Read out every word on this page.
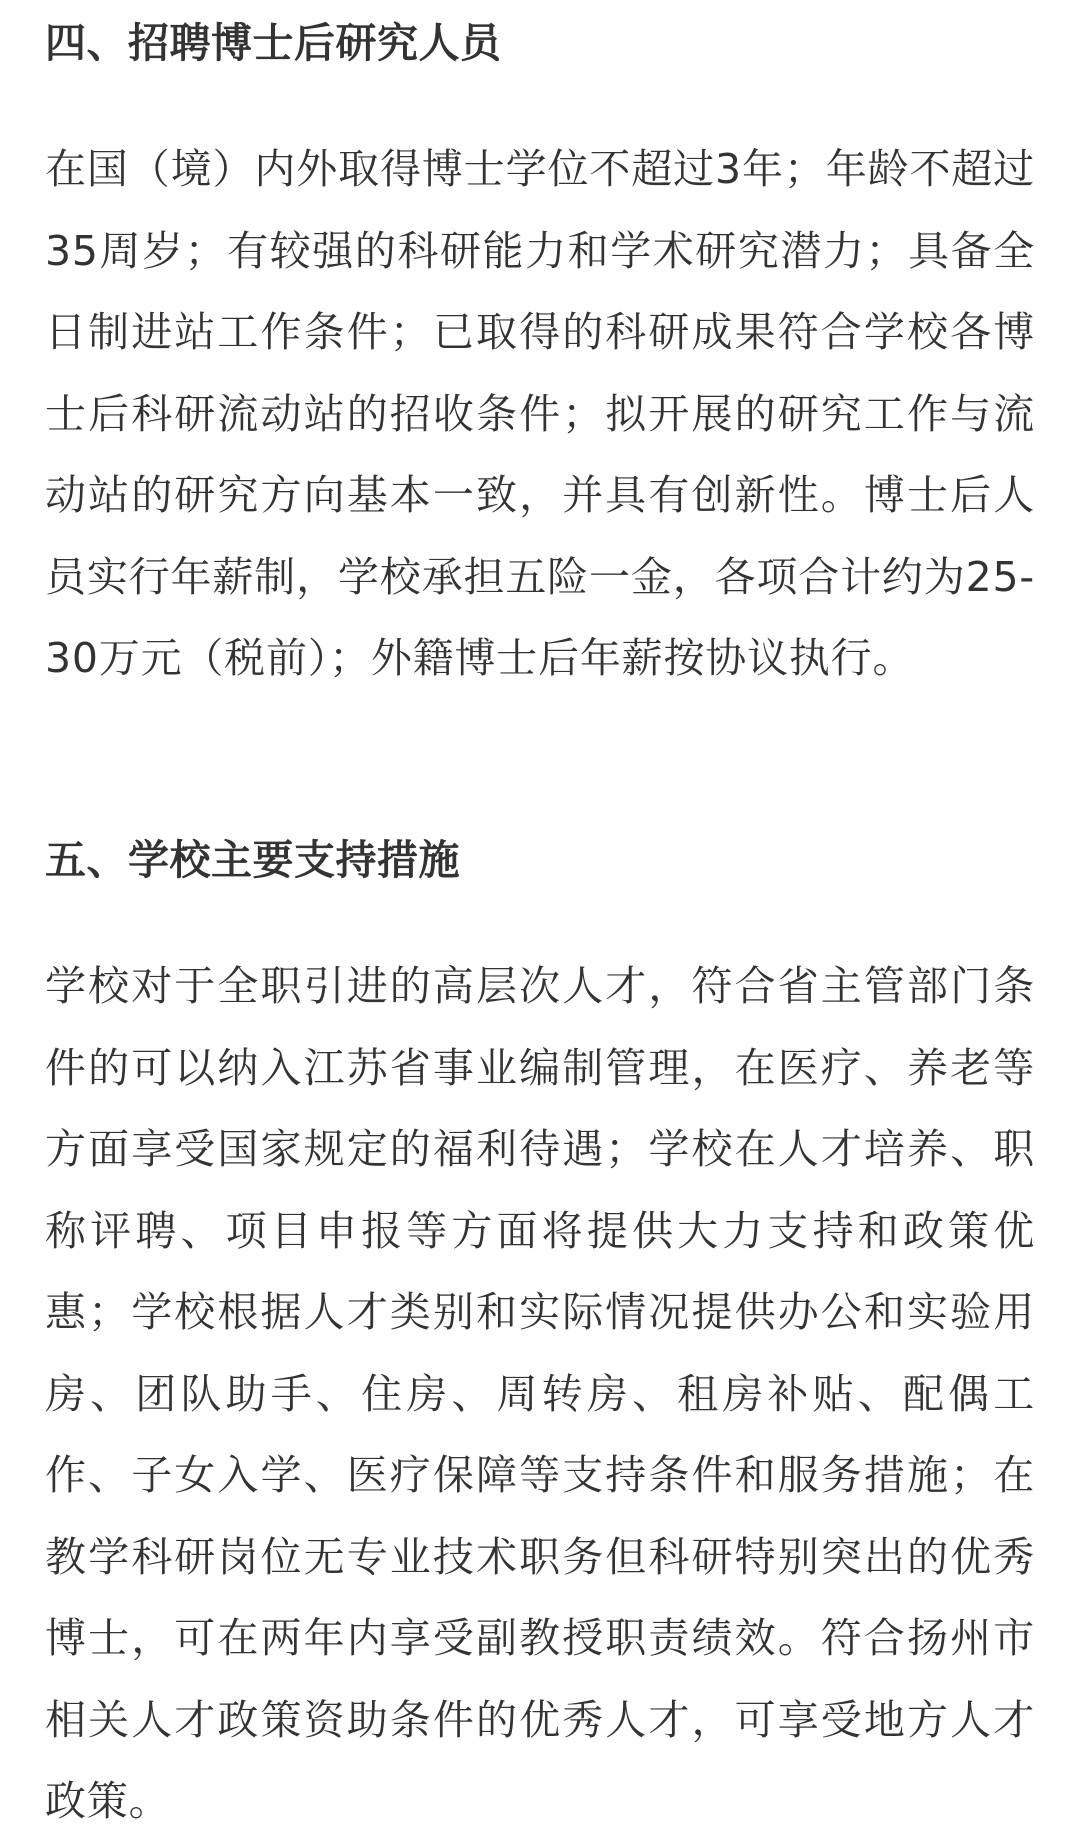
四、招聘博士后研究人员

在国（境）内外取得博士学位不超过3年；年龄不超过35周岁；有较强的科研能力和学术研究潜力；具备全日制进站工作条件；已取得的科研成果符合学校各博士后科研流动站的招收条件；拟开展的研究工作与流动站的研究方向基本一致，并具有创新性。博士后人员实行年薪制，学校承担五险一金，各项合计约为25-30万元（税前）；外籍博士后年薪按协议执行。

五、学校主要支持措施

学校对于全职引进的高层次人才，符合省主管部门条件的可以纳入江苏省事业编制管理，在医疗、养老等方面享受国家规定的福利待遇；学校在人才培养、职称评聘、项目申报等方面将提供大力支持和政策优惠；学校根据人才类别和实际情况提供办公和实验用房、团队助手、住房、周转房、租房补贴、配偶工作、子女入学、医疗保障等支持条件和服务措施；在教学科研岗位无专业技术职务但科研特别突出的优秀博士，可在两年内享受副教授职责绩效。符合扬州市相关人才政策资助条件的优秀人才，可享受地方人才政策。
